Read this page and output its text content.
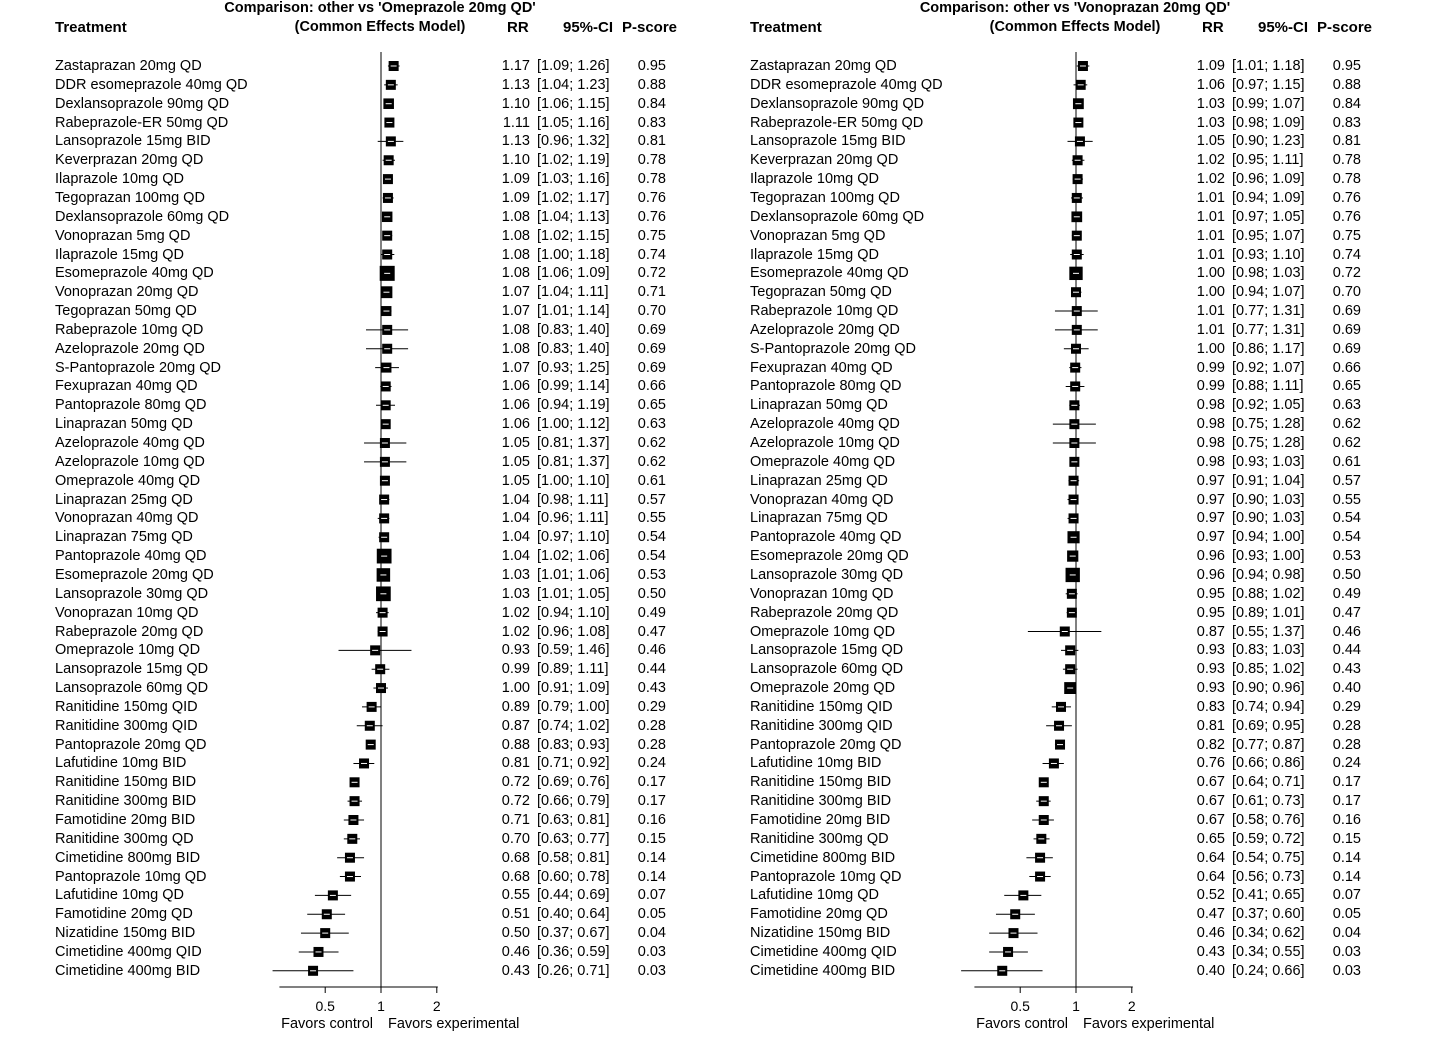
Comparison: other vs 'Omeprazole 20mg QD'
(Common Effects Model)
Treatment	RR 95%-CI P-score
Zastaprazan 20mg QD	1.17 [1.09; 1.26] 0.95
DDR esomeprazole 40mg QD	1.13 [1.04; 1.23] 0.88
Dexlansoprazole 90mg QD	1.10 [1.06; 1.15] 0.84
Rabeprazole-ER 50mg QD	1.11 [1.05; 1.16] 0.83
Lansoprazole 15mg BID	1.13 [0.96; 1.32] 0.81
Keverprazan 20mg QD	1.10 [1.02; 1.19] 0.78
Ilaprazole 10mg QD	1.09 [1.03; 1.16] 0.78
Tegoprazan 100mg QD	1.09 [1.02; 1.17] 0.76
Dexlansoprazole 60mg QD	1.08 [1.04; 1.13] 0.76
Vonoprazan 5mg QD	1.08 [1.02; 1.15] 0.75
Ilaprazole 15mg QD	1.08 [1.00; 1.18] 0.74
Esomeprazole 40mg QD	1.08 [1.06; 1.09] 0.72
Vonoprazan 20mg QD	1.07 [1.04; 1.11] 0.71
Tegoprazan 50mg QD	1.07 [1.01; 1.14] 0.70
Rabeprazole 10mg QD	1.08 [0.83; 1.40] 0.69
Azeloprazole 20mg QD	1.08 [0.83; 1.40] 0.69
S-Pantoprazole 20mg QD	1.07 [0.93; 1.25] 0.69
Fexuprazan 40mg QD	1.06 [0.99; 1.14] 0.66
Pantoprazole 80mg QD	1.06 [0.94; 1.19] 0.65
Linaprazan 50mg QD	1.06 [1.00; 1.12] 0.63
Azeloprazole 40mg QD	1.05 [0.81; 1.37] 0.62
Azeloprazole 10mg QD	1.05 [0.81; 1.37] 0.62
Omeprazole 40mg QD	1.05 [1.00; 1.10] 0.61
Linaprazan 25mg QD	1.04 [0.98; 1.11] 0.57
Vonoprazan 40mg QD	1.04 [0.96; 1.11] 0.55
Linaprazan 75mg QD	1.04 [0.97; 1.10] 0.54
Pantoprazole 40mg QD	1.04 [1.02; 1.06] 0.54
Esomeprazole 20mg QD	1.03 [1.01; 1.06] 0.53
Lansoprazole 30mg QD	1.03 [1.01; 1.05] 0.50
Vonoprazan 10mg QD	1.02 [0.94; 1.10] 0.49
Rabeprazole 20mg QD	1.02 [0.96; 1.08] 0.47
Omeprazole 10mg QD	0.93 [0.59; 1.46] 0.46
Lansoprazole 15mg QD	0.99 [0.89; 1.11] 0.44
Lansoprazole 60mg QD	1.00 [0.91; 1.09] 0.43
Ranitidine 150mg QID	0.89 [0.79; 1.00] 0.29
Ranitidine 300mg QID	0.87 [0.74; 1.02] 0.28
Pantoprazole 20mg QD	0.88 [0.83; 0.93] 0.28
Lafutidine 10mg BID	0.81 [0.71; 0.92] 0.24
Ranitidine 150mg BID	0.72 [0.69; 0.76] 0.17
Ranitidine 300mg BID	0.72 [0.66; 0.79] 0.17
Famotidine 20mg BID	0.71 [0.63; 0.81] 0.16
Ranitidine 300mg QD	0.70 [0.63; 0.77] 0.15
Cimetidine 800mg BID	0.68 [0.58; 0.81] 0.14
Pantoprazole 10mg QD	0.68 [0.60; 0.78] 0.14
Lafutidine 10mg QD	0.55 [0.44; 0.69] 0.07
Famotidine 20mg QD	0.51 [0.40; 0.64] 0.05
Nizatidine 150mg BID	0.50 [0.37; 0.67] 0.04
Cimetidine 400mg QID	0.46 [0.36; 0.59] 0.03
Cimetidine 400mg BID	0.43 [0.26; 0.71] 0.03
0.5	1	2
Favors control Favors experimental
Comparison: other vs 'Vonoprazan 20mg QD'
(Common Effects Model)
Treatment	RR 95%-CI P-score
Zastaprazan 20mg QD	1.09 [1.01; 1.18] 0.95
DDR esomeprazole 40mg QD	1.06 [0.97; 1.15] 0.88
Dexlansoprazole 90mg QD	1.03 [0.99; 1.07] 0.84
Rabeprazole-ER 50mg QD	1.03 [0.98; 1.09] 0.83
Lansoprazole 15mg BID	1.05 [0.90; 1.23] 0.81
Keverprazan 20mg QD	1.02 [0.95; 1.11] 0.78
Ilaprazole 10mg QD	1.02 [0.96; 1.09] 0.78
Tegoprazan 100mg QD	1.01 [0.94; 1.09] 0.76
Dexlansoprazole 60mg QD	1.01 [0.97; 1.05] 0.76
Vonoprazan 5mg QD	1.01 [0.95; 1.07] 0.75
Ilaprazole 15mg QD	1.01 [0.93; 1.10] 0.74
Esomeprazole 40mg QD	1.00 [0.98; 1.03] 0.72
Tegoprazan 50mg QD	1.00 [0.94; 1.07] 0.70
Rabeprazole 10mg QD	1.01 [0.77; 1.31] 0.69
Azeloprazole 20mg QD	1.01 [0.77; 1.31] 0.69
S-Pantoprazole 20mg QD	1.00 [0.86; 1.17] 0.69
Fexuprazan 40mg QD	0.99 [0.92; 1.07] 0.66
Pantoprazole 80mg QD	0.99 [0.88; 1.11] 0.65
Linaprazan 50mg QD	0.98 [0.92; 1.05] 0.63
Azeloprazole 40mg QD	0.98 [0.75; 1.28] 0.62
Azeloprazole 10mg QD	0.98 [0.75; 1.28] 0.62
Omeprazole 40mg QD	0.98 [0.93; 1.03] 0.61
Linaprazan 25mg QD	0.97 [0.91; 1.04] 0.57
Vonoprazan 40mg QD	0.97 [0.90; 1.03] 0.55
Linaprazan 75mg QD	0.97 [0.90; 1.03] 0.54
Pantoprazole 40mg QD	0.97 [0.94; 1.00] 0.54
Esomeprazole 20mg QD	0.96 [0.93; 1.00] 0.53
Lansoprazole 30mg QD	0.96 [0.94; 0.98] 0.50
Vonoprazan 10mg QD	0.95 [0.88; 1.02] 0.49
Rabeprazole 20mg QD	0.95 [0.89; 1.01] 0.47
Omeprazole 10mg QD	0.87 [0.55; 1.37] 0.46
Lansoprazole 15mg QD	0.93 [0.83; 1.03] 0.44
Lansoprazole 60mg QD	0.93 [0.85; 1.02] 0.43
Omeprazole 20mg QD	0.93 [0.90; 0.96] 0.40
Ranitidine 150mg QID	0.83 [0.74; 0.94] 0.29
Ranitidine 300mg QID	0.81 [0.69; 0.95] 0.28
Pantoprazole 20mg QD	0.82 [0.77; 0.87] 0.28
Lafutidine 10mg BID	0.76 [0.66; 0.86] 0.24
Ranitidine 150mg BID	0.67 [0.64; 0.71] 0.17
Ranitidine 300mg BID	0.67 [0.61; 0.73] 0.17
Famotidine 20mg BID	0.67 [0.58; 0.76] 0.16
Ranitidine 300mg QD	0.65 [0.59; 0.72] 0.15
Cimetidine 800mg BID	0.64 [0.54; 0.75] 0.14
Pantoprazole 10mg QD	0.64 [0.56; 0.73] 0.14
Lafutidine 10mg QD	0.52 [0.41; 0.65] 0.07
Famotidine 20mg QD	0.47 [0.37; 0.60] 0.05
Nizatidine 150mg BID	0.46 [0.34; 0.62] 0.04
Cimetidine 400mg QID	0.43 [0.34; 0.55] 0.03
Cimetidine 400mg BID	0.40 [0.24; 0.66] 0.03
0.5	1	2
Favors control Favors experimental
